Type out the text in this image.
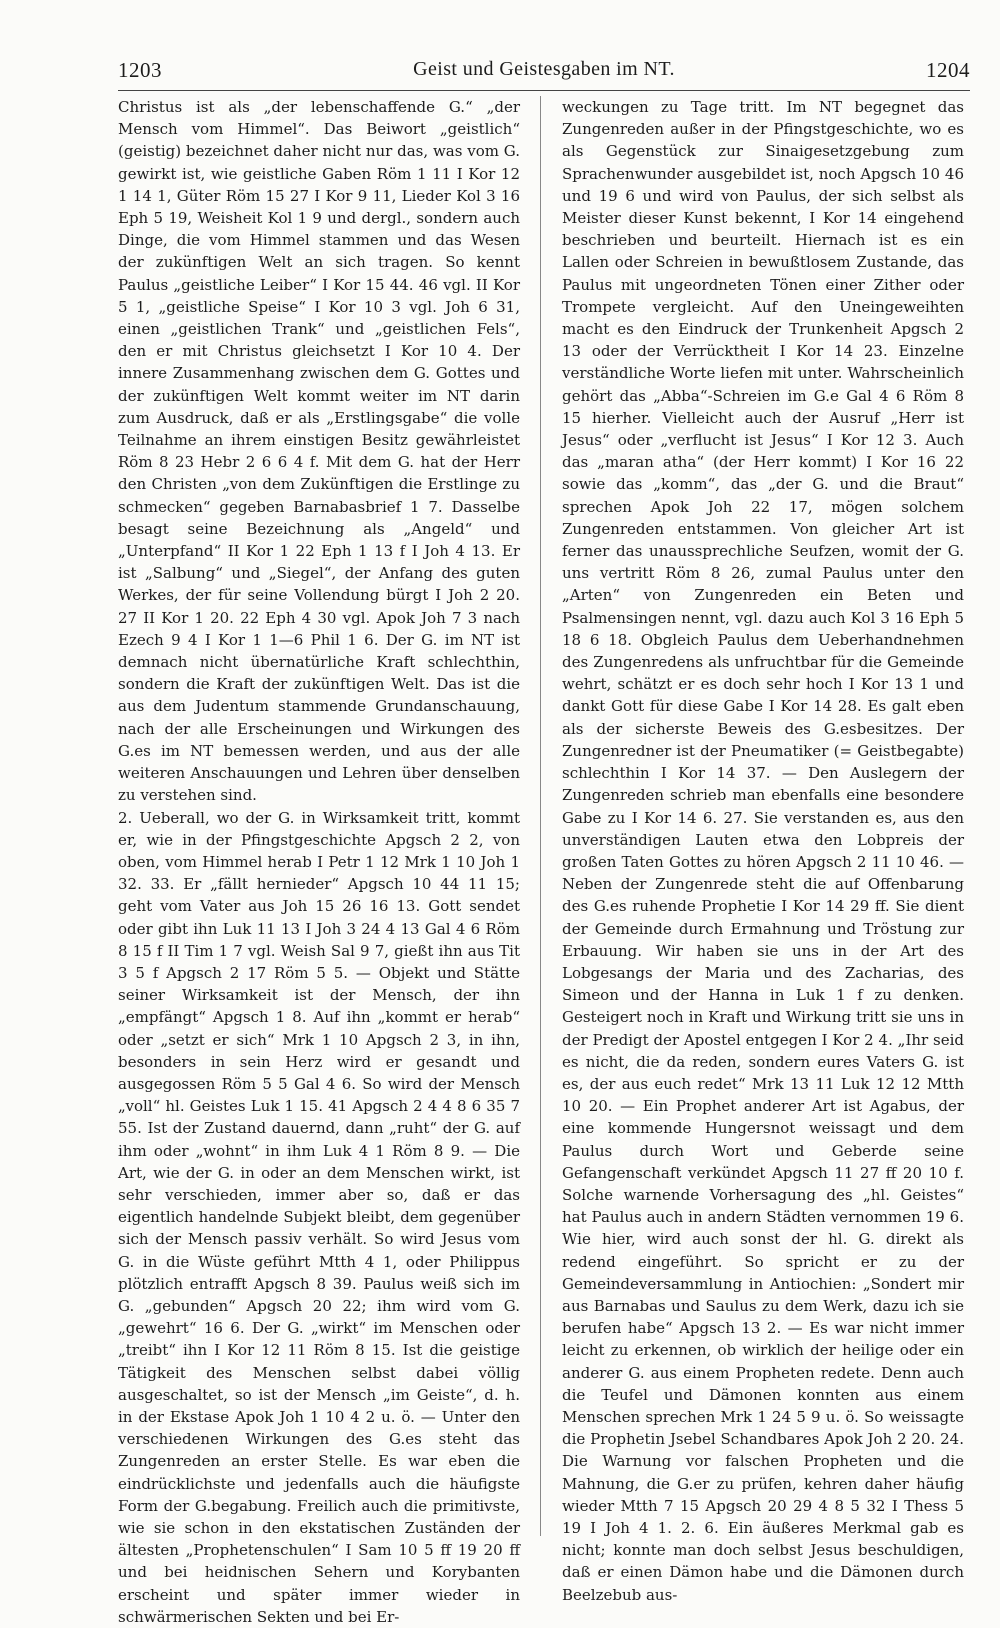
1203	Geist und Geistesgaben im NT.	1204

Christus ist als „der lebenschaffende G.“ „der Mensch vom Himmel“. Das Beiwort „geistlich“ (geistig) bezeichnet daher nicht nur das, was vom G. gewirkt ist, wie geistliche Gaben Röm 1 11 I Kor 12 1 14 1, Güter Röm 15 27 I Kor 9 11, Lieder Kol 3 16 Eph 5 19, Weisheit Kol 1 9 und dergl., sondern auch Dinge, die vom Himmel stammen und das Wesen der zukünftigen Welt an sich tragen. So kennt Paulus „geistliche Leiber“ I Kor 15 44. 46 vgl. II Kor 5 1, „geistliche Speise“ I Kor 10 3 vgl. Joh 6 31, einen „geistlichen Trank“ und „geistlichen Fels“, den er mit Christus gleichsetzt I Kor 10 4. Der innere Zusammenhang zwischen dem G. Gottes und der zukünftigen Welt kommt weiter im NT darin zum Ausdruck, daß er als „Erstlingsgabe“ die volle Teilnahme an ihrem einstigen Besitz gewährleistet Röm 8 23 Hebr 2 6 6 4 f. Mit dem G. hat der Herr den Christen „von dem Zukünftigen die Erstlinge zu schmecken“ gegeben Barnabasbrief 1 7. Dasselbe besagt seine Bezeichnung als „Angeld“ und „Unterpfand“ II Kor 1 22 Eph 1 13 f I Joh 4 13. Er ist „Salbung“ und „Siegel“, der Anfang des guten Werkes, der für seine Vollendung bürgt I Joh 2 20. 27 II Kor 1 20. 22 Eph 4 30 vgl. Apok Joh 7 3 nach Ezech 9 4 I Kor 1 1—6 Phil 1 6. Der G. im NT ist demnach nicht übernatürliche Kraft schlechthin, sondern die Kraft der zukünftigen Welt. Das ist die aus dem Judentum stammende Grundanschauung, nach der alle Erscheinungen und Wirkungen des G.es im NT bemessen werden, und aus der alle weiteren Anschauungen und Lehren über denselben zu verstehen sind.

2. Ueberall, wo der G. in Wirksamkeit tritt, kommt er, wie in der Pfingstgeschichte Apgsch 2 2, von oben, vom Himmel herab I Petr 1 12 Mrk 1 10 Joh 1 32. 33. Er „fällt hernieder“ Apgsch 10 44 11 15; geht vom Vater aus Joh 15 26 16 13. Gott sendet oder gibt ihn Luk 11 13 I Joh 3 24 4 13 Gal 4 6 Röm 8 15 f II Tim 1 7 vgl. Weish Sal 9 7, gießt ihn aus Tit 3 5 f Apgsch 2 17 Röm 5 5. — Objekt und Stätte seiner Wirksamkeit ist der Mensch, der ihn „empfängt“ Apgsch 1 8. Auf ihn „kommt er herab“ oder „setzt er sich“ Mrk 1 10 Apgsch 2 3, in ihn, besonders in sein Herz wird er gesandt und ausgegossen Röm 5 5 Gal 4 6. So wird der Mensch „voll“ hl. Geistes Luk 1 15. 41 Apgsch 2 4 4 8 6 35 7 55. Ist der Zustand dauernd, dann „ruht“ der G. auf ihm oder „wohnt“ in ihm Luk 4 1 Röm 8 9. — Die Art, wie der G. in oder an dem Menschen wirkt, ist sehr verschieden, immer aber so, daß er das eigentlich handelnde Subjekt bleibt, dem gegenüber sich der Mensch passiv verhält. So wird Jesus vom G. in die Wüste geführt Mtth 4 1, oder Philippus plötzlich entrafft Apgsch 8 39. Paulus weiß sich im G. „gebunden“ Apgsch 20 22; ihm wird vom G. „gewehrt“ 16 6. Der G. „wirkt“ im Menschen oder „treibt“ ihn I Kor 12 11 Röm 8 15. Ist die geistige Tätigkeit des Menschen selbst dabei völlig ausgeschaltet, so ist der Mensch „im Geiste“, d. h. in der Ekstase Apok Joh 1 10 4 2 u. ö. — Unter den verschiedenen Wirkungen des G.es steht das Zungenreden an erster Stelle. Es war eben die eindrücklichste und jedenfalls auch die häufigste Form der G.begabung. Freilich auch die primitivste, wie sie schon in den ekstatischen Zuständen der ältesten „Prophetenschulen“ I Sam 10 5 ff 19 20 ff und bei heidnischen Sehern und Korybanten erscheint und später immer wieder in schwärmerischen Sekten und bei Er-

weckungen zu Tage tritt. Im NT begegnet das Zungenreden außer in der Pfingstgeschichte, wo es als Gegenstück zur Sinaigesetzgebung zum Sprachenwunder ausgebildet ist, noch Apgsch 10 46 und 19 6 und wird von Paulus, der sich selbst als Meister dieser Kunst bekennt, I Kor 14 eingehend beschrieben und beurteilt. Hiernach ist es ein Lallen oder Schreien in bewußtlosem Zustande, das Paulus mit ungeordneten Tönen einer Zither oder Trompete vergleicht. Auf den Uneingeweihten macht es den Eindruck der Trunkenheit Apgsch 2 13 oder der Verrücktheit I Kor 14 23. Einzelne verständliche Worte liefen mit unter. Wahrscheinlich gehört das „Abba“-Schreien im G.e Gal 4 6 Röm 8 15 hierher. Vielleicht auch der Ausruf „Herr ist Jesus“ oder „verflucht ist Jesus“ I Kor 12 3. Auch das „maran atha“ (der Herr kommt) I Kor 16 22 sowie das „komm“, das „der G. und die Braut“ sprechen Apok Joh 22 17, mögen solchem Zungenreden entstammen. Von gleicher Art ist ferner das unaussprechliche Seufzen, womit der G. uns vertritt Röm 8 26, zumal Paulus unter den „Arten“ von Zungenreden ein Beten und Psalmensingen nennt, vgl. dazu auch Kol 3 16 Eph 5 18 6 18. Obgleich Paulus dem Ueberhandnehmen des Zungenredens als unfruchtbar für die Gemeinde wehrt, schätzt er es doch sehr hoch I Kor 13 1 und dankt Gott für diese Gabe I Kor 14 28. Es galt eben als der sicherste Beweis des G.esbesitzes. Der Zungenredner ist der Pneumatiker (= Geistbegabte) schlechthin I Kor 14 37. — Den Auslegern der Zungenreden schrieb man ebenfalls eine besondere Gabe zu I Kor 14 6. 27. Sie verstanden es, aus den unverständigen Lauten etwa den Lobpreis der großen Taten Gottes zu hören Apgsch 2 11 10 46. — Neben der Zungenrede steht die auf Offenbarung des G.es ruhende Prophetie I Kor 14 29 ff. Sie dient der Gemeinde durch Ermahnung und Tröstung zur Erbauung. Wir haben sie uns in der Art des Lobgesangs der Maria und des Zacharias, des Simeon und der Hanna in Luk 1 f zu denken. Gesteigert noch in Kraft und Wirkung tritt sie uns in der Predigt der Apostel entgegen I Kor 2 4. „Ihr seid es nicht, die da reden, sondern eures Vaters G. ist es, der aus euch redet“ Mrk 13 11 Luk 12 12 Mtth 10 20. — Ein Prophet anderer Art ist Agabus, der eine kommende Hungersnot weissagt und dem Paulus durch Wort und Geberde seine Gefangenschaft verkündet Apgsch 11 27 ff 20 10 f. Solche warnende Vorhersagung des „hl. Geistes“ hat Paulus auch in andern Städten vernommen 19 6. Wie hier, wird auch sonst der hl. G. direkt als redend eingeführt. So spricht er zu der Gemeindeversammlung in Antiochien: „Sondert mir aus Barnabas und Saulus zu dem Werk, dazu ich sie berufen habe“ Apgsch 13 2. — Es war nicht immer leicht zu erkennen, ob wirklich der heilige oder ein anderer G. aus einem Propheten redete. Denn auch die Teufel und Dämonen konnten aus einem Menschen sprechen Mrk 1 24 5 9 u. ö. So weissagte die Prophetin Jsebel Schandbares Apok Joh 2 20. 24. Die Warnung vor falschen Propheten und die Mahnung, die G.er zu prüfen, kehren daher häufig wieder Mtth 7 15 Apgsch 20 29 4 8 5 32 I Thess 5 19 I Joh 4 1. 2. 6. Ein äußeres Merkmal gab es nicht; konnte man doch selbst Jesus beschuldigen, daß er einen Dämon habe und die Dämonen durch Beelzebub aus-
